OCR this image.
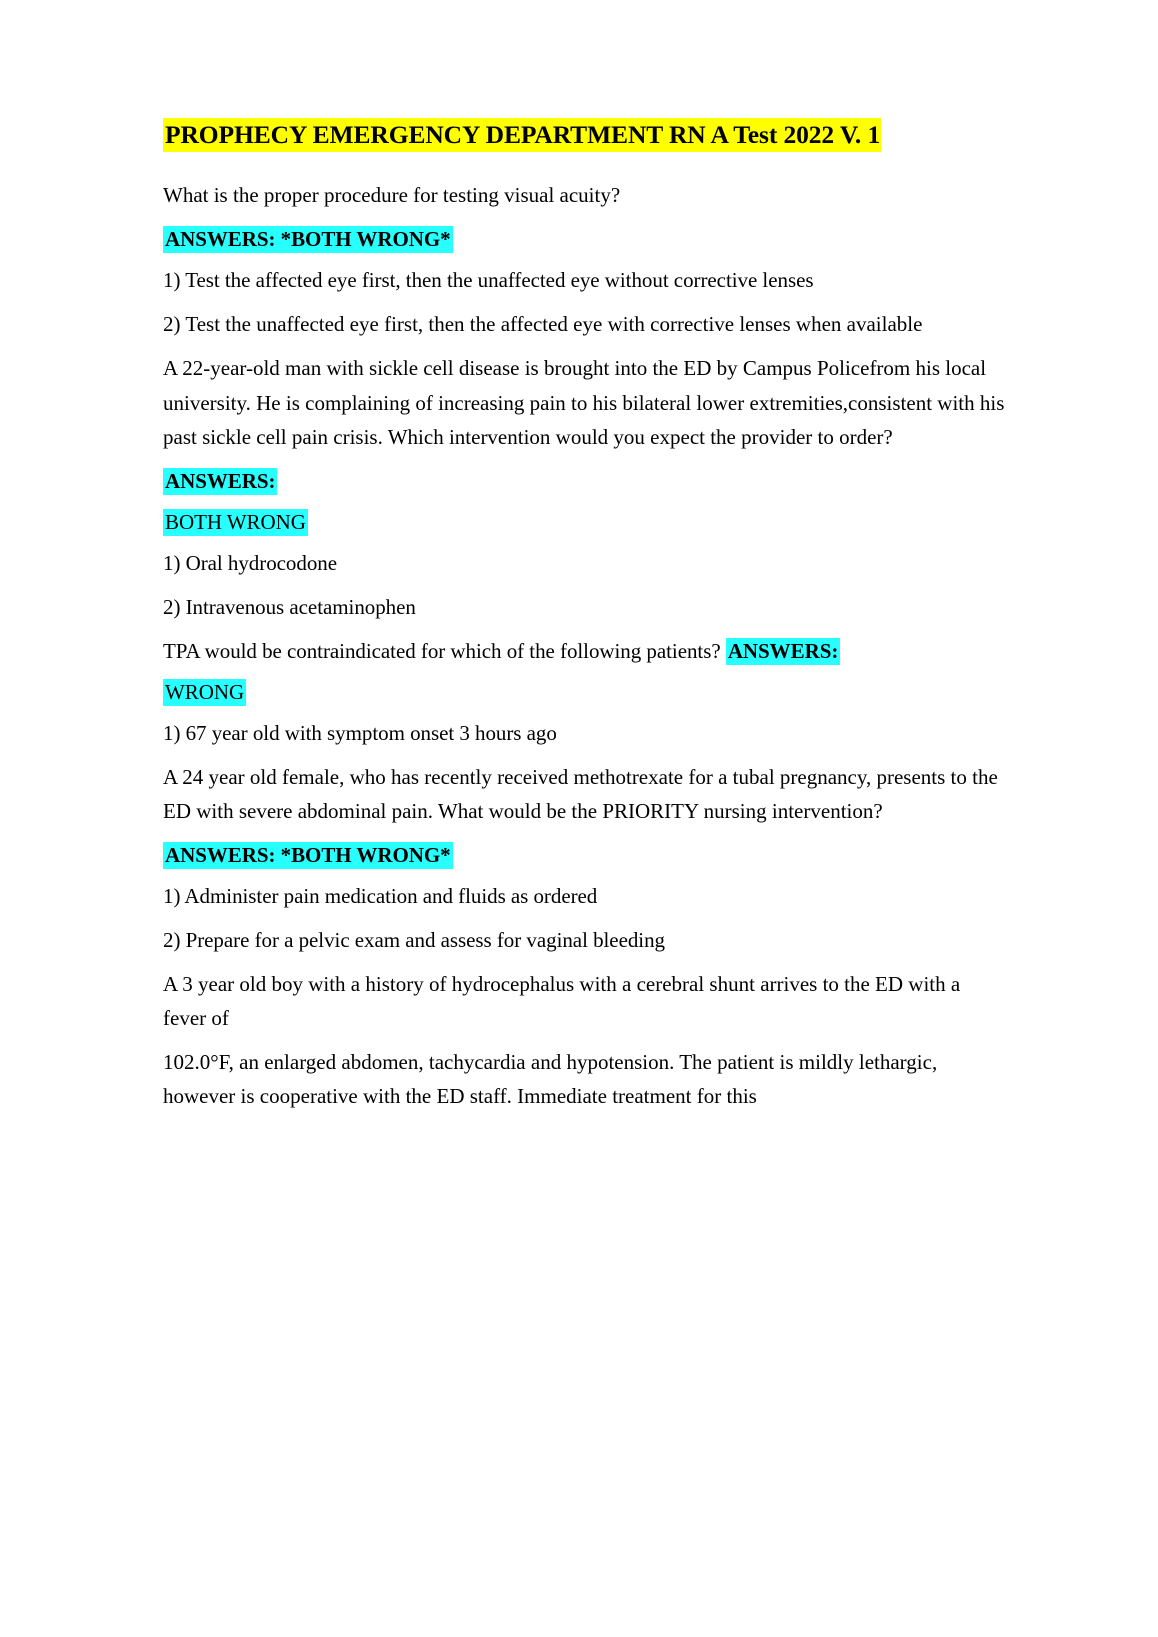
PROPHECY EMERGENCY DEPARTMENT RN A Test 2022 V. 1

What is the proper procedure for testing visual acuity?

ANSWERS: *BOTH WRONG*

1) Test the affected eye first, then the unaffected eye without corrective lenses

2) Test the unaffected eye first, then the affected eye with corrective lenses when available

A 22-year-old man with sickle cell disease is brought into the ED by Campus Policefrom his local university. He is complaining of increasing pain to his bilateral lower extremities,consistent with his past sickle cell pain crisis. Which intervention would you expect the provider to order?

ANSWERS:

BOTH WRONG

1) Oral hydrocodone

2) Intravenous acetaminophen

TPA would be contraindicated for which of the following patients? ANSWERS:

WRONG

1) 67 year old with symptom onset 3 hours ago

A 24 year old female, who has recently received methotrexate for a tubal pregnancy, presents to the ED with severe abdominal pain. What would be the PRIORITY nursing intervention?

ANSWERS: *BOTH WRONG*

1) Administer pain medication and fluids as ordered

2) Prepare for a pelvic exam and assess for vaginal bleeding

A 3 year old boy with a history of hydrocephalus with a cerebral shunt arrives to the ED with a fever of

102.0°F, an enlarged abdomen, tachycardia and hypotension. The patient is mildly lethargic, however is cooperative with the ED staff. Immediate treatment for this
